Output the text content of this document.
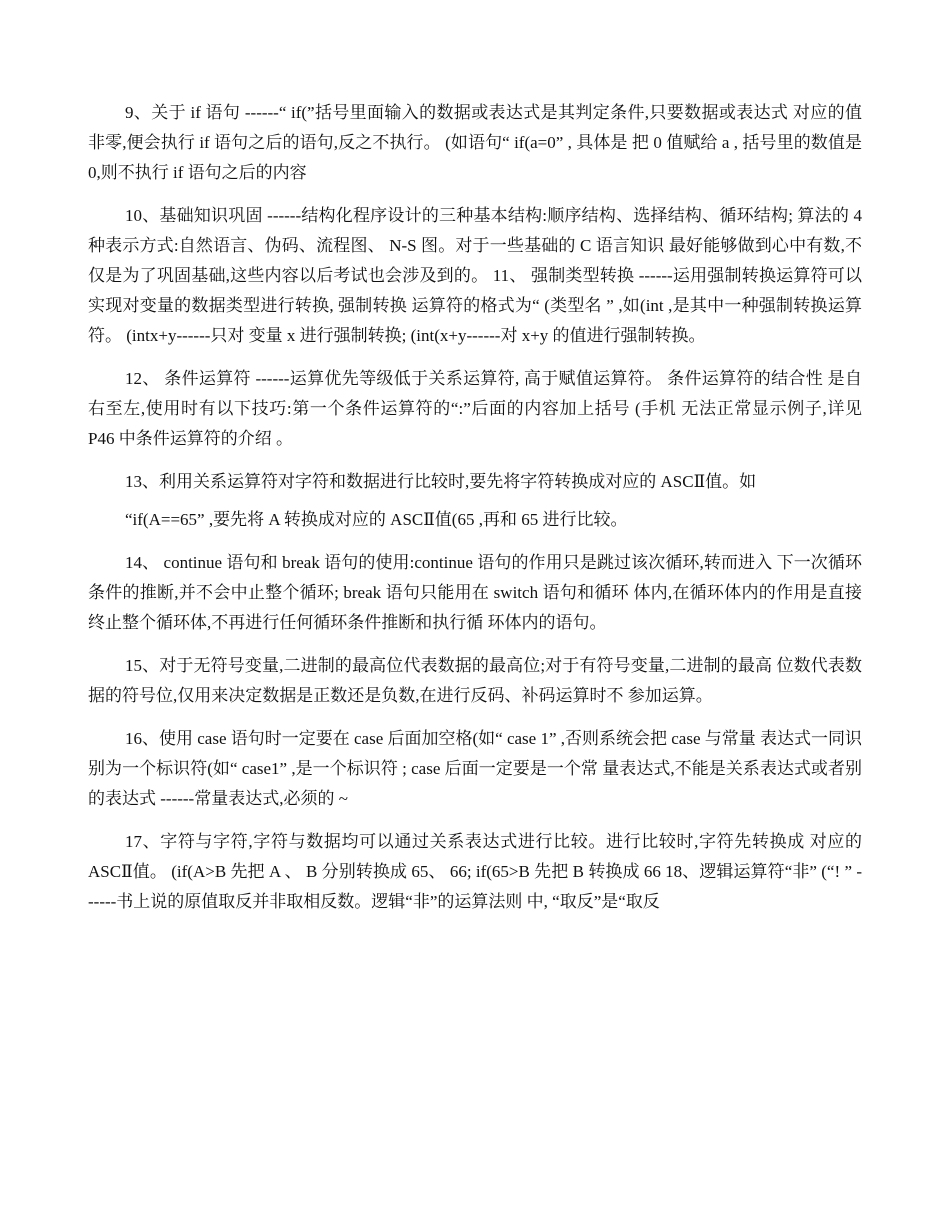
9、关于 if 语句 ------“ if(”括号里面输入的数据或表达式是其判定条件,只要数据或表达式 对应的值非零,便会执行 if 语句之后的语句,反之不执行。 (如语句“ if(a=0” , 具体是 把 0 值赋给 a , 括号里的数值是 0,则不执行 if 语句之后的内容

10、基础知识巩固 ------结构化程序设计的三种基本结构:顺序结构、选择结构、循环结构; 算法的 4 种表示方式:自然语言、伪码、流程图、 N-S 图。对于一些基础的 C 语言知识 最好能够做到心中有数,不仅是为了巩固基础,这些内容以后考试也会涉及到的。 11、 强制类型转换 ------运用强制转换运算符可以实现对变量的数据类型进行转换, 强制转换 运算符的格式为“ (类型名 ” ,如(int ,是其中一种强制转换运算符。 (intx+y------只对 变量 x 进行强制转换; (int(x+y------对 x+y 的值进行强制转换。

12、 条件运算符 ------运算优先等级低于关系运算符, 高于赋值运算符。 条件运算符的结合性 是自右至左,使用时有以下技巧:第一个条件运算符的“:”后面的内容加上括号 (手机 无法正常显示例子,详见 P46 中条件运算符的介绍 。

13、利用关系运算符对字符和数据进行比较时,要先将字符转换成对应的 ASCⅡ值。如

“if(A==65” ,要先将 A 转换成对应的 ASCⅡ值(65 ,再和 65 进行比较。

14、 continue 语句和 break 语句的使用:continue 语句的作用只是跳过该次循环,转而进入 下一次循环条件的推断,并不会中止整个循环; break 语句只能用在 switch 语句和循环 体内,在循环体内的作用是直接终止整个循环体,不再进行任何循环条件推断和执行循 环体内的语句。

15、对于无符号变量,二进制的最高位代表数据的最高位;对于有符号变量,二进制的最高 位数代表数据的符号位,仅用来决定数据是正数还是负数,在进行反码、补码运算时不 参加运算。

16、使用 case 语句时一定要在 case 后面加空格(如“ case 1” ,否则系统会把 case 与常量 表达式一同识别为一个标识符(如“ case1” ,是一个标识符 ; case 后面一定要是一个常 量表达式,不能是关系表达式或者别的表达式 ------常量表达式,必须的 ~

17、字符与字符,字符与数据均可以通过关系表达式进行比较。进行比较时,字符先转换成 对应的 ASCⅡ值。 (if(A>B 先把 A 、 B 分别转换成 65、 66; if(65>B 先把 B 转换成 66 18、逻辑运算符“非” (“! ” ------书上说的原值取反并非取相反数。逻辑“非”的运算法则 中, “取反”是“取反
